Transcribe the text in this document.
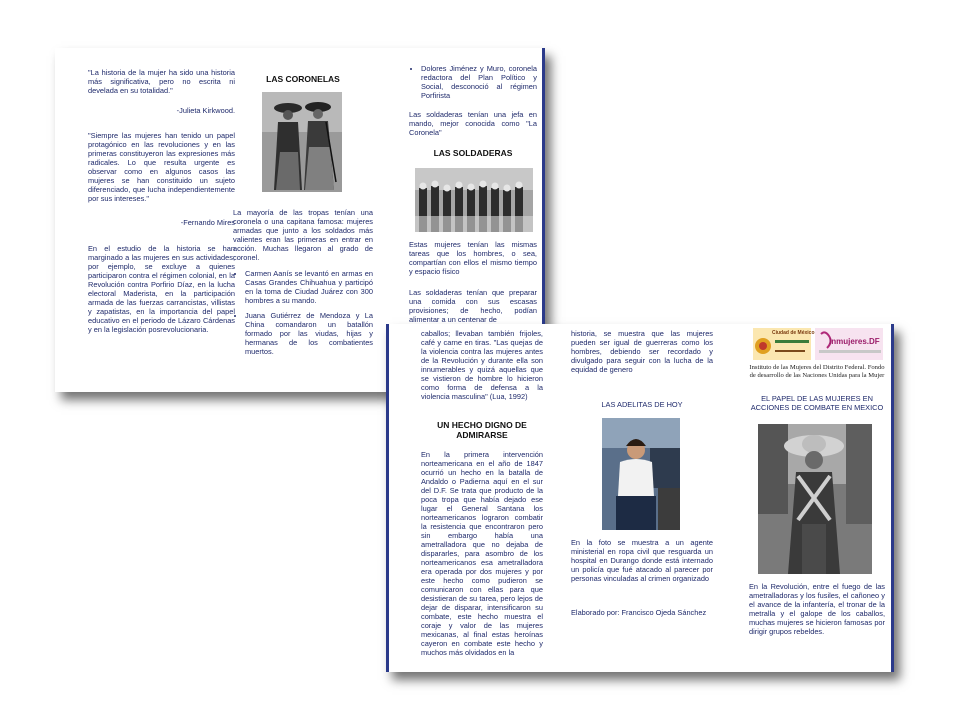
"La historia de la mujer ha sido una historia más significativa, pero no escrita ni develada en su totalidad."

-Julieta Kirkwood.

"Siempre las mujeres han tenido un papel protagónico en las revoluciones y en las primeras constituyeron las expresiones más radicales. Lo que resulta urgente es observar como en algunos casos las mujeres se han constituido un sujeto diferenciado, que lucha independientemente por sus intereses."

-Fernando Mires

En el estudio de la historia se han marginado a las mujeres en sus actividades; por ejemplo, se excluye a quienes participaron contra el régimen colonial, en la Revolución contra Porfirio Díaz, en la lucha electoral Maderista, en la participación armada de las fuerzas carrancistas, villistas y zapatistas, en la importancia del papel educativo en el periodo de Lázaro Cárdenas y en la legislación posrevolucionaria.

LAS CORONELAS

La mayoría de las tropas tenían una coronela o una capitana famosa: mujeres armadas que junto a los soldados más valientes eran las primeras en entrar en acción. Muchas llegaron al grado de coronel.

• Carmen Aanís se levantó en armas en Casas Grandes Chihuahua y participó en la toma de Ciudad Juárez con 300 hombres a su mando.
• Juana Gutiérrez de Mendoza y La China comandaron un batallón formado por las viudas, hijas y hermanas de los combatientes muertos.
• Dolores Jiménez y Muro, coronela redactora del Plan Político y Social, desconoció al régimen Porfirista

Las soldaderas tenían una jefa en mando, mejor conocida como "La Coronela"

LAS SOLDADERAS

Estas mujeres tenían las mismas tareas que los hombres, o sea, compartían con ellos el mismo tiempo y espacio físico

Las soldaderas tenían que preparar una comida con sus escasas provisiones; de hecho, podían alimentar a un centenar de

caballos; llevaban también frijoles, café y carne en tiras. "Las quejas de la violencia contra las mujeres antes de la Revolución y durante ella son innumerables y quizá aquellas que se vistieron de hombre lo hicieron como forma de defensa a la violencia masculina" (Lua, 1992)

UN HECHO DIGNO DE ADMIRARSE

En la primera intervención norteamericana en el año de 1847 ocurrió un hecho en la batalla de Andaldo o Padierna aquí en el sur del D.F. Se trata que producto de la poca tropa que había dejado ese lugar el General Santana los norteamericanos lograron combatir la resistencia que encontraron pero sin embargo había una ametralladora que no dejaba de dispararles, para asombro de los norteamericanos esa ametralladora era operada por dos mujeres y por este hecho como pudieron se comunicaron con ellas para que desistieran de su tarea, pero lejos de dejar de disparar, intensificaron su combate, este hecho muestra el coraje y valor de las mujeres mexicanas, al final estas heroínas cayeron en combate este hecho y muchos más olvidados en la

historia, se muestra que las mujeres pueden ser igual de guerreras como los hombres, debiendo ser recordado y divulgado para seguir con la lucha de la equidad de genero

LAS ADELITAS DE HOY

En la foto se muestra a un agente ministerial en ropa civil que resguarda un hospital en Durango donde está internado un policía que fué atacado al parecer por personas vinculadas al crimen organizado

Elaborado por: Francisco Ojeda Sánchez

Ciudad de México
Inmujeres.DF

Instituto de las Mujeres del Distrito Federal. Fondo de desarrollo de las Naciones Unidas para la Mujer

EL PAPEL DE LAS MUJERES EN ACCIONES DE COMBATE EN MEXICO

En la Revolución, entre el fuego de las ametralladoras y los fusiles, el cañoneo y el avance de la infantería, el tronar de la metralla y el galope de los caballos, muchas mujeres se hicieron famosas por dirigir grupos rebeldes.
